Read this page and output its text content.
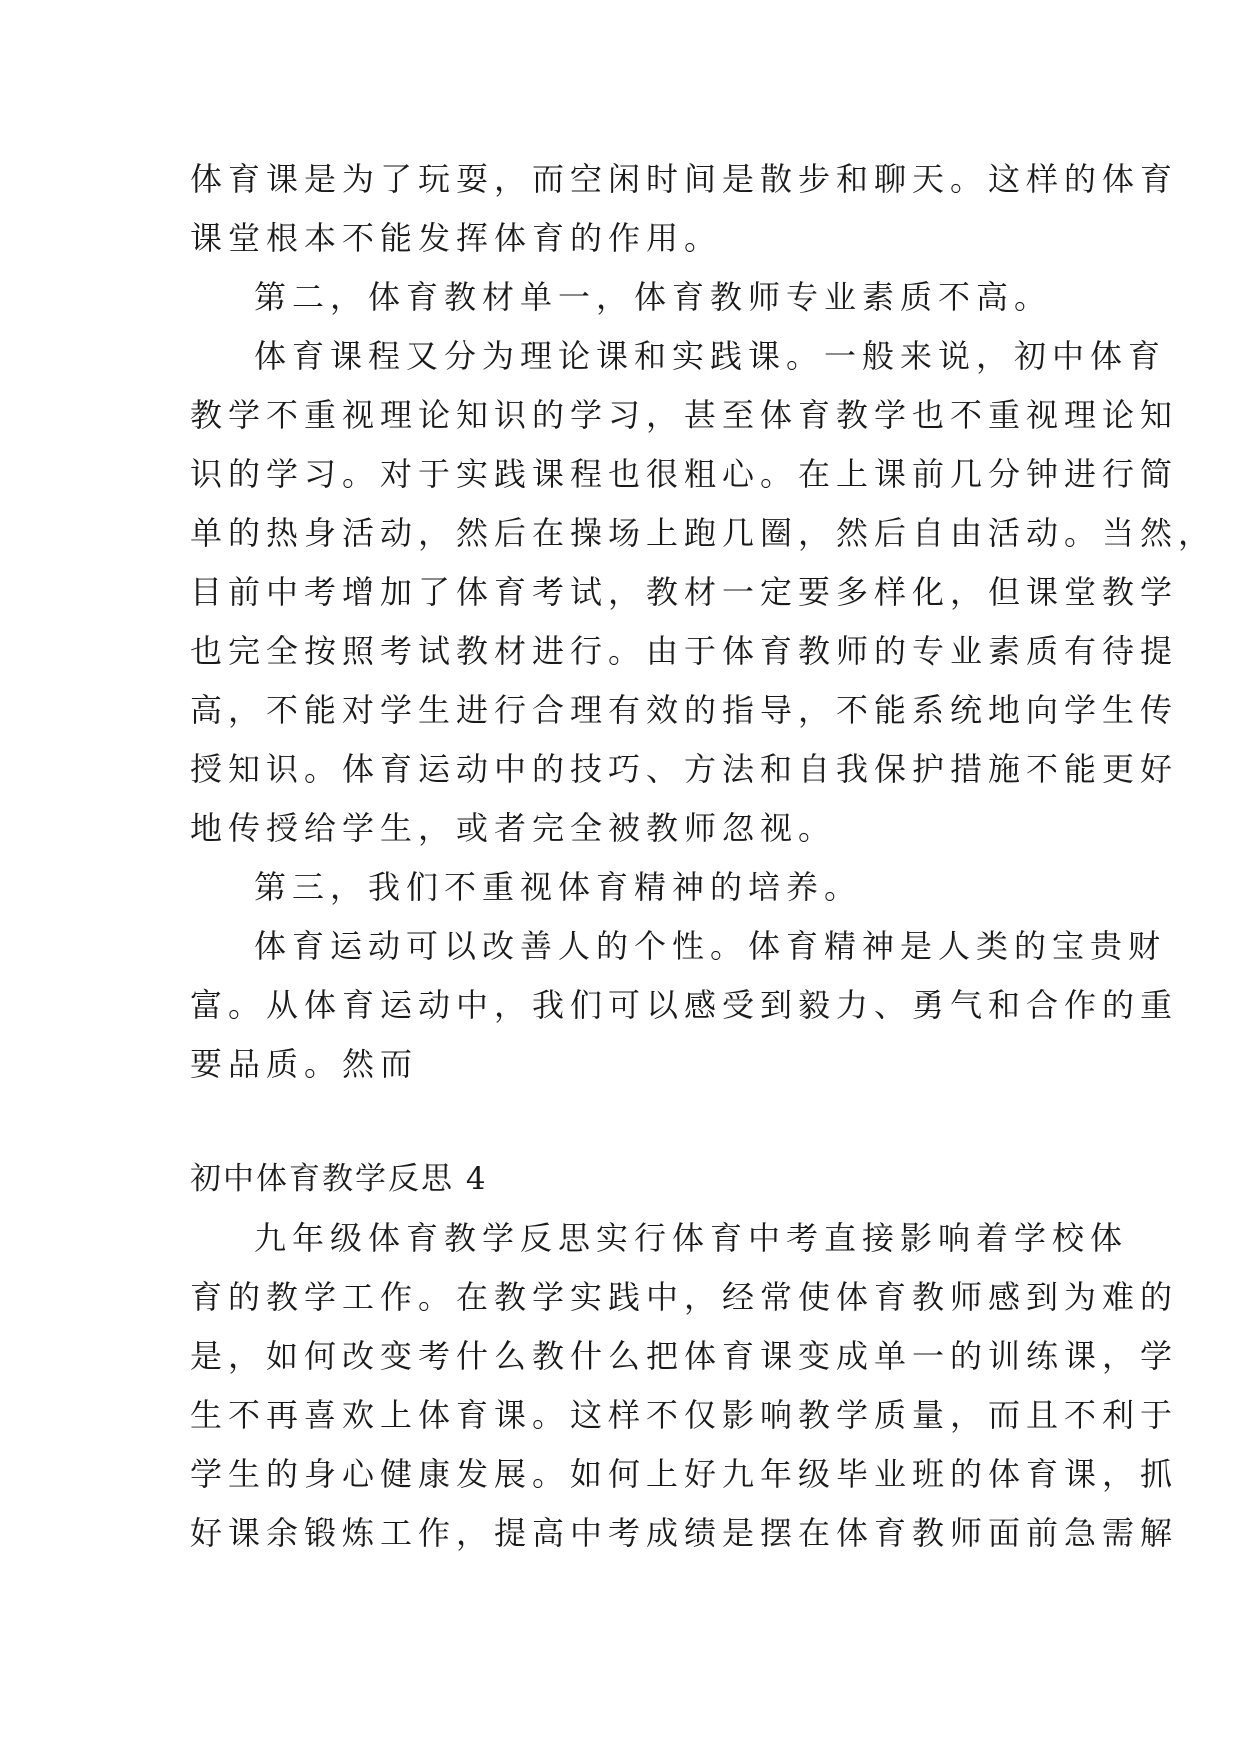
体育课是为了玩耍，而空闲时间是散步和聊天。这样的体育
课堂根本不能发挥体育的作用。
第二，体育教材单一，体育教师专业素质不高。
体育课程又分为理论课和实践课。一般来说，初中体育
教学不重视理论知识的学习，甚至体育教学也不重视理论知
识的学习。对于实践课程也很粗心。在上课前几分钟进行简
单的热身活动，然后在操场上跑几圈，然后自由活动。当然，
目前中考增加了体育考试，教材一定要多样化，但课堂教学
也完全按照考试教材进行。由于体育教师的专业素质有待提
高，不能对学生进行合理有效的指导，不能系统地向学生传
授知识。体育运动中的技巧、方法和自我保护措施不能更好
地传授给学生，或者完全被教师忽视。
第三，我们不重视体育精神的培养。
体育运动可以改善人的个性。体育精神是人类的宝贵财
富。从体育运动中，我们可以感受到毅力、勇气和合作的重
要品质。然而
初中体育教学反思 4
九年级体育教学反思实行体育中考直接影响着学校体
育的教学工作。在教学实践中，经常使体育教师感到为难的
是，如何改变考什么教什么把体育课变成单一的训练课，学
生不再喜欢上体育课。这样不仅影响教学质量，而且不利于
学生的身心健康发展。如何上好九年级毕业班的体育课，抓
好课余锻炼工作，提高中考成绩是摆在体育教师面前急需解
